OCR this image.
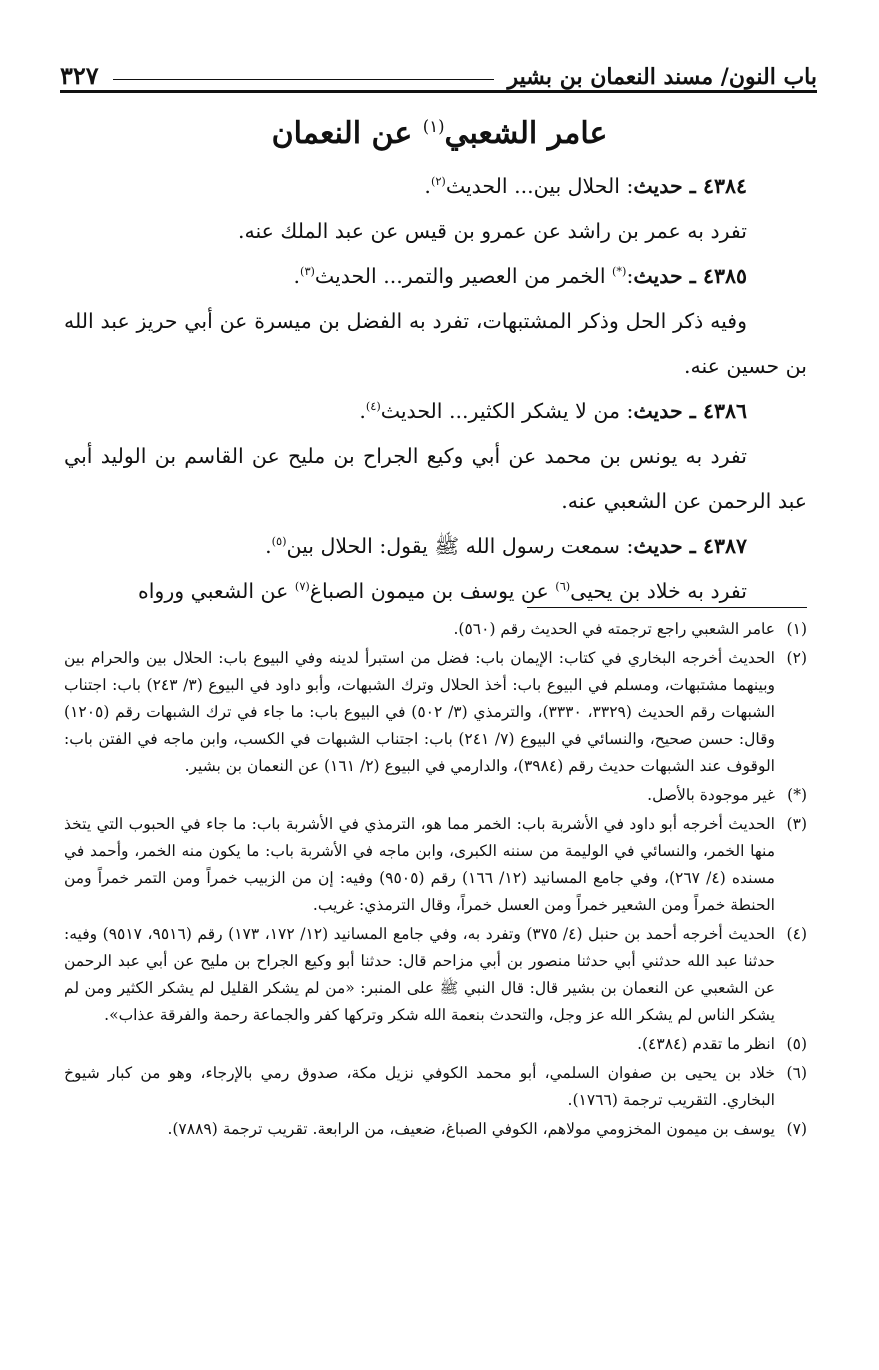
باب النون/ مسند النعمان بن بشير
٣٢٧
عامر الشعبي$^{(١)}$ عن النعمان

٤٣٨٤ ـ حديث: الحلال بين... الحديث$^{(٢)}$.

تفرد به عمر بن راشد عن عمرو بن قيس عن عبد الملك عنه.

٤٣٨٥ ـ حديث:(*) الخمر من العصير والتمر... الحديث$^{(٣)}$.

وفيه ذكر الحل وذكر المشتبهات، تفرد به الفضل بن ميسرة عن أبي حريز عبد الله بن حسين عنه.

٤٣٨٦ ـ حديث: من لا يشكر الكثير... الحديث$^{(٤)}$.

تفرد به يونس بن محمد عن أبي وكيع الجراح بن مليح عن القاسم بن الوليد أبي عبد الرحمن عن الشعبي عنه.

٤٣٨٧ ـ حديث: سمعت رسول الله ﷺ يقول: الحلال بين$^{(٥)}$.

تفرد به خلاد بن يحيى$^{(٦)}$ عن يوسف بن ميمون الصباغ$^{(٧)}$ عن الشعبي ورواه

(١)
عامر الشعبي راجع ترجمته في الحديث رقم (٥٦٠).
(٢)
الحديث أخرجه البخاري في كتاب: الإيمان باب: فضل من استبرأ لدينه وفي البيوع باب: الحلال بين والحرام بين وبينهما مشتبهات، ومسلم في البيوع باب: أخذ الحلال وترك الشبهات، وأبو داود في البيوع (٣/ ٢٤٣) باب: اجتناب الشبهات رقم الحديث (٣٣٢٩، ٣٣٣٠)، والترمذي (٣/ ٥٠٢) في البيوع باب: ما جاء في ترك الشبهات رقم (١٢٠٥) وقال: حسن صحيح، والنسائي في البيوع (٧/ ٢٤١) باب: اجتناب الشبهات في الكسب، وابن ماجه في الفتن باب: الوقوف عند الشبهات حديث رقم (٣٩٨٤)، والدارمي في البيوع (٢/ ١٦١) عن النعمان بن بشير.
(*)
غير موجودة بالأصل.
(٣)
الحديث أخرجه أبو داود في الأشربة باب: الخمر مما هو، الترمذي في الأشربة باب: ما جاء في الحبوب التي يتخذ منها الخمر، والنسائي في الوليمة من سننه الكبرى، وابن ماجه في الأشربة باب: ما يكون منه الخمر، وأحمد في مسنده (٤/ ٢٦٧)، وفي جامع المسانيد (١٢/ ١٦٦) رقم (٩٥٠٥) وفيه: إن من الزبيب خمراً ومن التمر خمراً ومن الحنطة خمراً ومن الشعير خمراً ومن العسل خمراً، وقال الترمذي: غريب.
(٤)
الحديث أخرجه أحمد بن حنبل (٤/ ٣٧٥) وتفرد به، وفي جامع المسانيد (١٢/ ١٧٢، ١٧٣) رقم (٩٥١٦، ٩٥١٧) وفيه: حدثنا عبد الله حدثني أبي حدثنا منصور بن أبي مزاحم قال: حدثنا أبو وكيع الجراح بن مليح عن أبي عبد الرحمن عن الشعبي عن النعمان بن بشير قال: قال النبي ﷺ على المنبر: «من لم يشكر القليل لم يشكر الكثير ومن لم يشكر الناس لم يشكر الله عز وجل، والتحدث بنعمة الله شكر وتركها كفر والجماعة رحمة والفرقة عذاب».
(٥)
انظر ما تقدم (٤٣٨٤).
(٦)
خلاد بن يحيى بن صفوان السلمي، أبو محمد الكوفي نزيل مكة، صدوق رمي بالإرجاء، وهو من كبار شيوخ البخاري. التقريب ترجمة (١٧٦٦).
(٧)
يوسف بن ميمون المخزومي مولاهم، الكوفي الصباغ، ضعيف، من الرابعة. تقريب ترجمة (٧٨٨٩).
